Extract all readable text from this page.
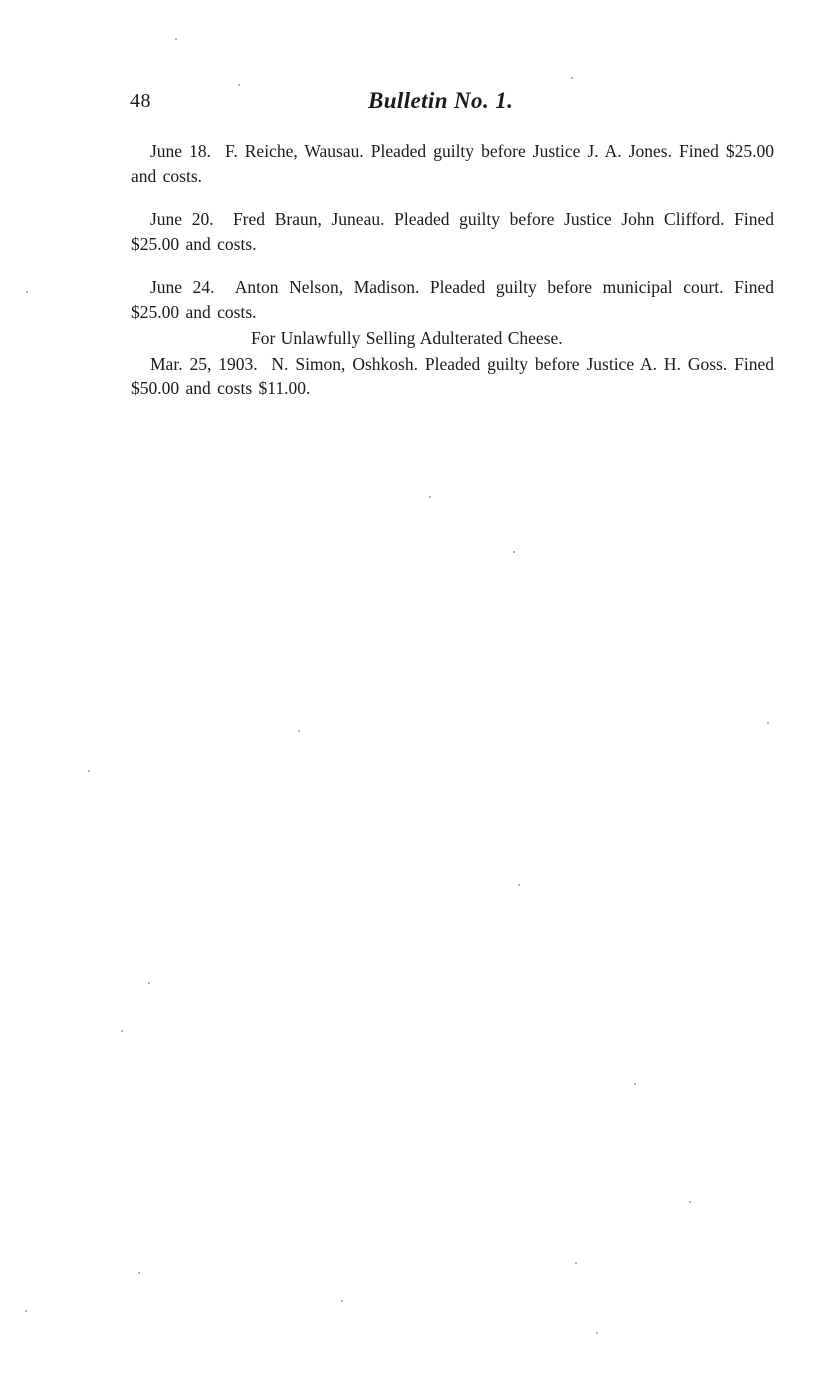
48	Bulletin No. 1.

June 18. F. Reiche, Wausau. Pleaded guilty before Justice J. A. Jones. Fined $25.00 and costs.

June 20. Fred Braun, Juneau. Pleaded guilty before Justice John Clifford. Fined $25.00 and costs.

June 24. Anton Nelson, Madison. Pleaded guilty before municipal court. Fined $25.00 and costs.

For Unlawfully Selling Adulterated Cheese.

Mar. 25, 1903. N. Simon, Oshkosh. Pleaded guilty before Justice A. H. Goss. Fined $50.00 and costs $11.00.
